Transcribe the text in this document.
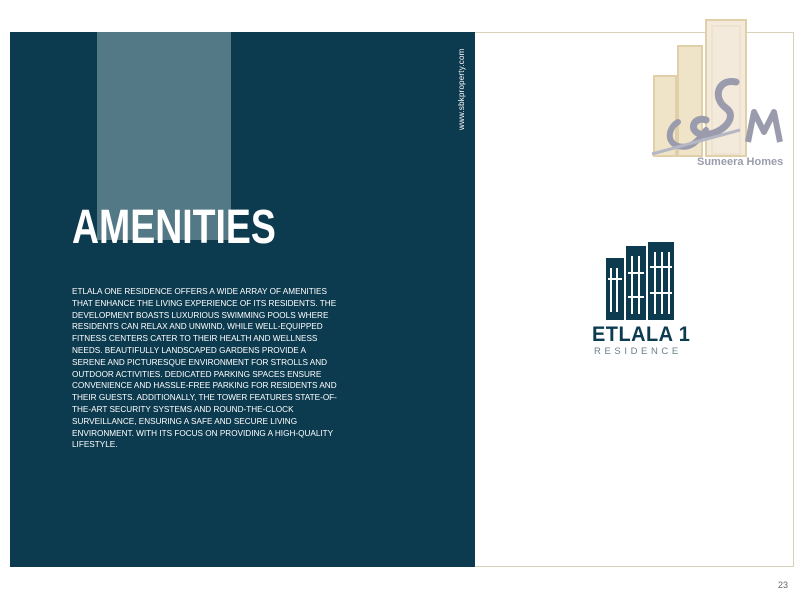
www.sbkproperty.com
AMENITIES

ETLALA ONE RESIDENCE OFFERS A WIDE ARRAY OF AMENITIES THAT ENHANCE THE LIVING EXPERIENCE OF ITS RESIDENTS. THE DEVELOPMENT BOASTS LUXURIOUS SWIMMING POOLS WHERE RESIDENTS CAN RELAX AND UNWIND, WHILE WELL-EQUIPPED FITNESS CENTERS CATER TO THEIR HEALTH AND WELLNESS NEEDS. BEAUTIFULLY LANDSCAPED GARDENS PROVIDE A SERENE AND PICTURESQUE ENVIRONMENT FOR STROLLS AND OUTDOOR ACTIVITIES. DEDICATED PARKING SPACES ENSURE CONVENIENCE AND HASSLE-FREE PARKING FOR RESIDENTS AND THEIR GUESTS. ADDITIONALLY, THE TOWER FEATURES STATE-OF-THE-ART SECURITY SYSTEMS AND ROUND-THE-CLOCK SURVEILLANCE, ENSURING A SAFE AND SECURE LIVING ENVIRONMENT. WITH ITS FOCUS ON PROVIDING A HIGH-QUALITY LIFESTYLE.

Sumeera Homes
ETLALA 1
RESIDENCE
23
